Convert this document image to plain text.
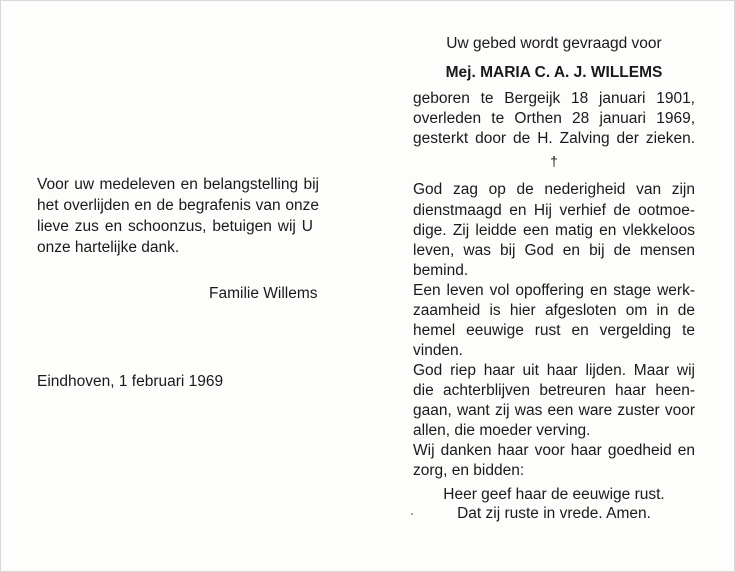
Voor uw medeleven en belangstelling bij
het overlijden en de begrafenis van onze
lieve zus en schoonzus, betuigen wij U
onze hartelijke dank.
Familie Willems
Eindhoven, 1 februari 1969
Uw gebed wordt gevraagd voor
Mej. MARIA C. A. J. WILLEMS
geboren te Bergeijk 18 januari 1901,
overleden te Orthen 28 januari 1969,
gesterkt door de H. Zalving der zieken.
†
God zag op de nederigheid van zijn
dienstmaagd en Hij verhief de ootmoe-
dige. Zij leidde een matig en vlekkeloos
leven, was bij God en bij de mensen
bemind.
Een leven vol opoffering en stage werk-
zaamheid is hier afgesloten om in de
hemel eeuwige rust en vergelding te
vinden.
God riep haar uit haar lijden. Maar wij
die achterblijven betreuren haar heen-
gaan, want zij was een ware zuster voor
allen, die moeder verving.
Wij danken haar voor haar goedheid en
zorg, en bidden:
Heer geef haar de eeuwige rust.
Dat zij ruste in vrede. Amen.
